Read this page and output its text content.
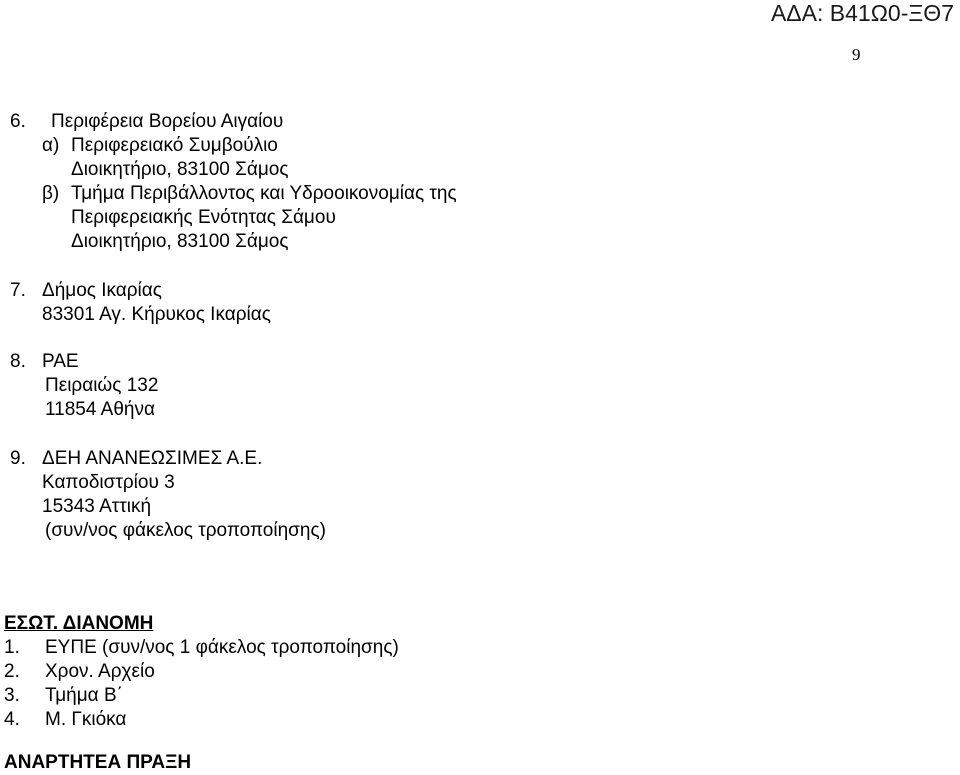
ΑΔΑ: Β41Ω0-ΞΘ7
9
6. Περιφέρεια Βορείου Αιγαίου
α) Περιφερειακό Συμβούλιο
Διοικητήριο, 83100 Σάμος
β) Τμήμα Περιβάλλοντος και Υδροοικονομίας της
Περιφερειακής Ενότητας Σάμου
Διοικητήριο, 83100 Σάμος
7. Δήμος Ικαρίας
83301 Αγ. Κήρυκος Ικαρίας
8. ΡΑΕ
Πειραιώς 132
11854 Αθήνα
9. ΔΕΗ ΑΝΑΝΕΩΣΙΜΕΣ Α.Ε.
Καποδιστρίου 3
15343 Αττική
(συν/νος φάκελος τροποποίησης)
ΕΣΩΤ. ΔΙΑΝΟΜΗ
1. ΕΥΠΕ (συν/νος 1 φάκελος τροποποίησης)
2. Χρον. Αρχείο
3. Τμήμα Β΄
4. Μ. Γκιόκα
ΑΝΑΡΤΗΤΕΑ ΠΡΑΞΗ
